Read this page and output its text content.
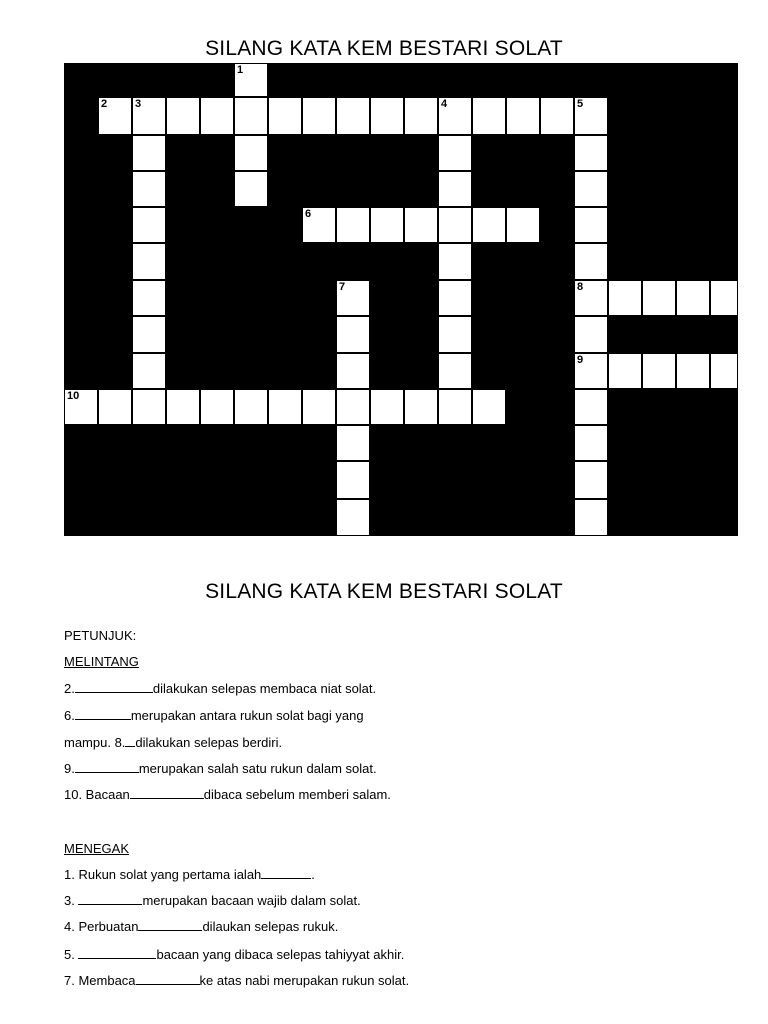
SILANG KATA KEM BESTARI SOLAT
1
2	3	4	5
8
9
6
7
10
SILANG KATA KEM BESTARI SOLAT
PETUNJUK:
MELINTANG
2.	dilakukan selepas membaca niat solat.
6.	merupakan antara rukun solat bagi yang
mampu. 8. dilakukan selepas berdiri.
9.	merupakan salah satu rukun dalam solat.
10. Bacaan	dibaca sebelum memberi salam.
MENEGAK
1. Rukun solat yang pertama ialah	.
3.	merupakan bacaan wajib dalam solat.
4. Perbuatan	dilaukan selepas rukuk.
5.	bacaan yang dibaca selepas tahiyyat akhir.
7. Membaca	ke atas nabi merupakan rukun solat.
